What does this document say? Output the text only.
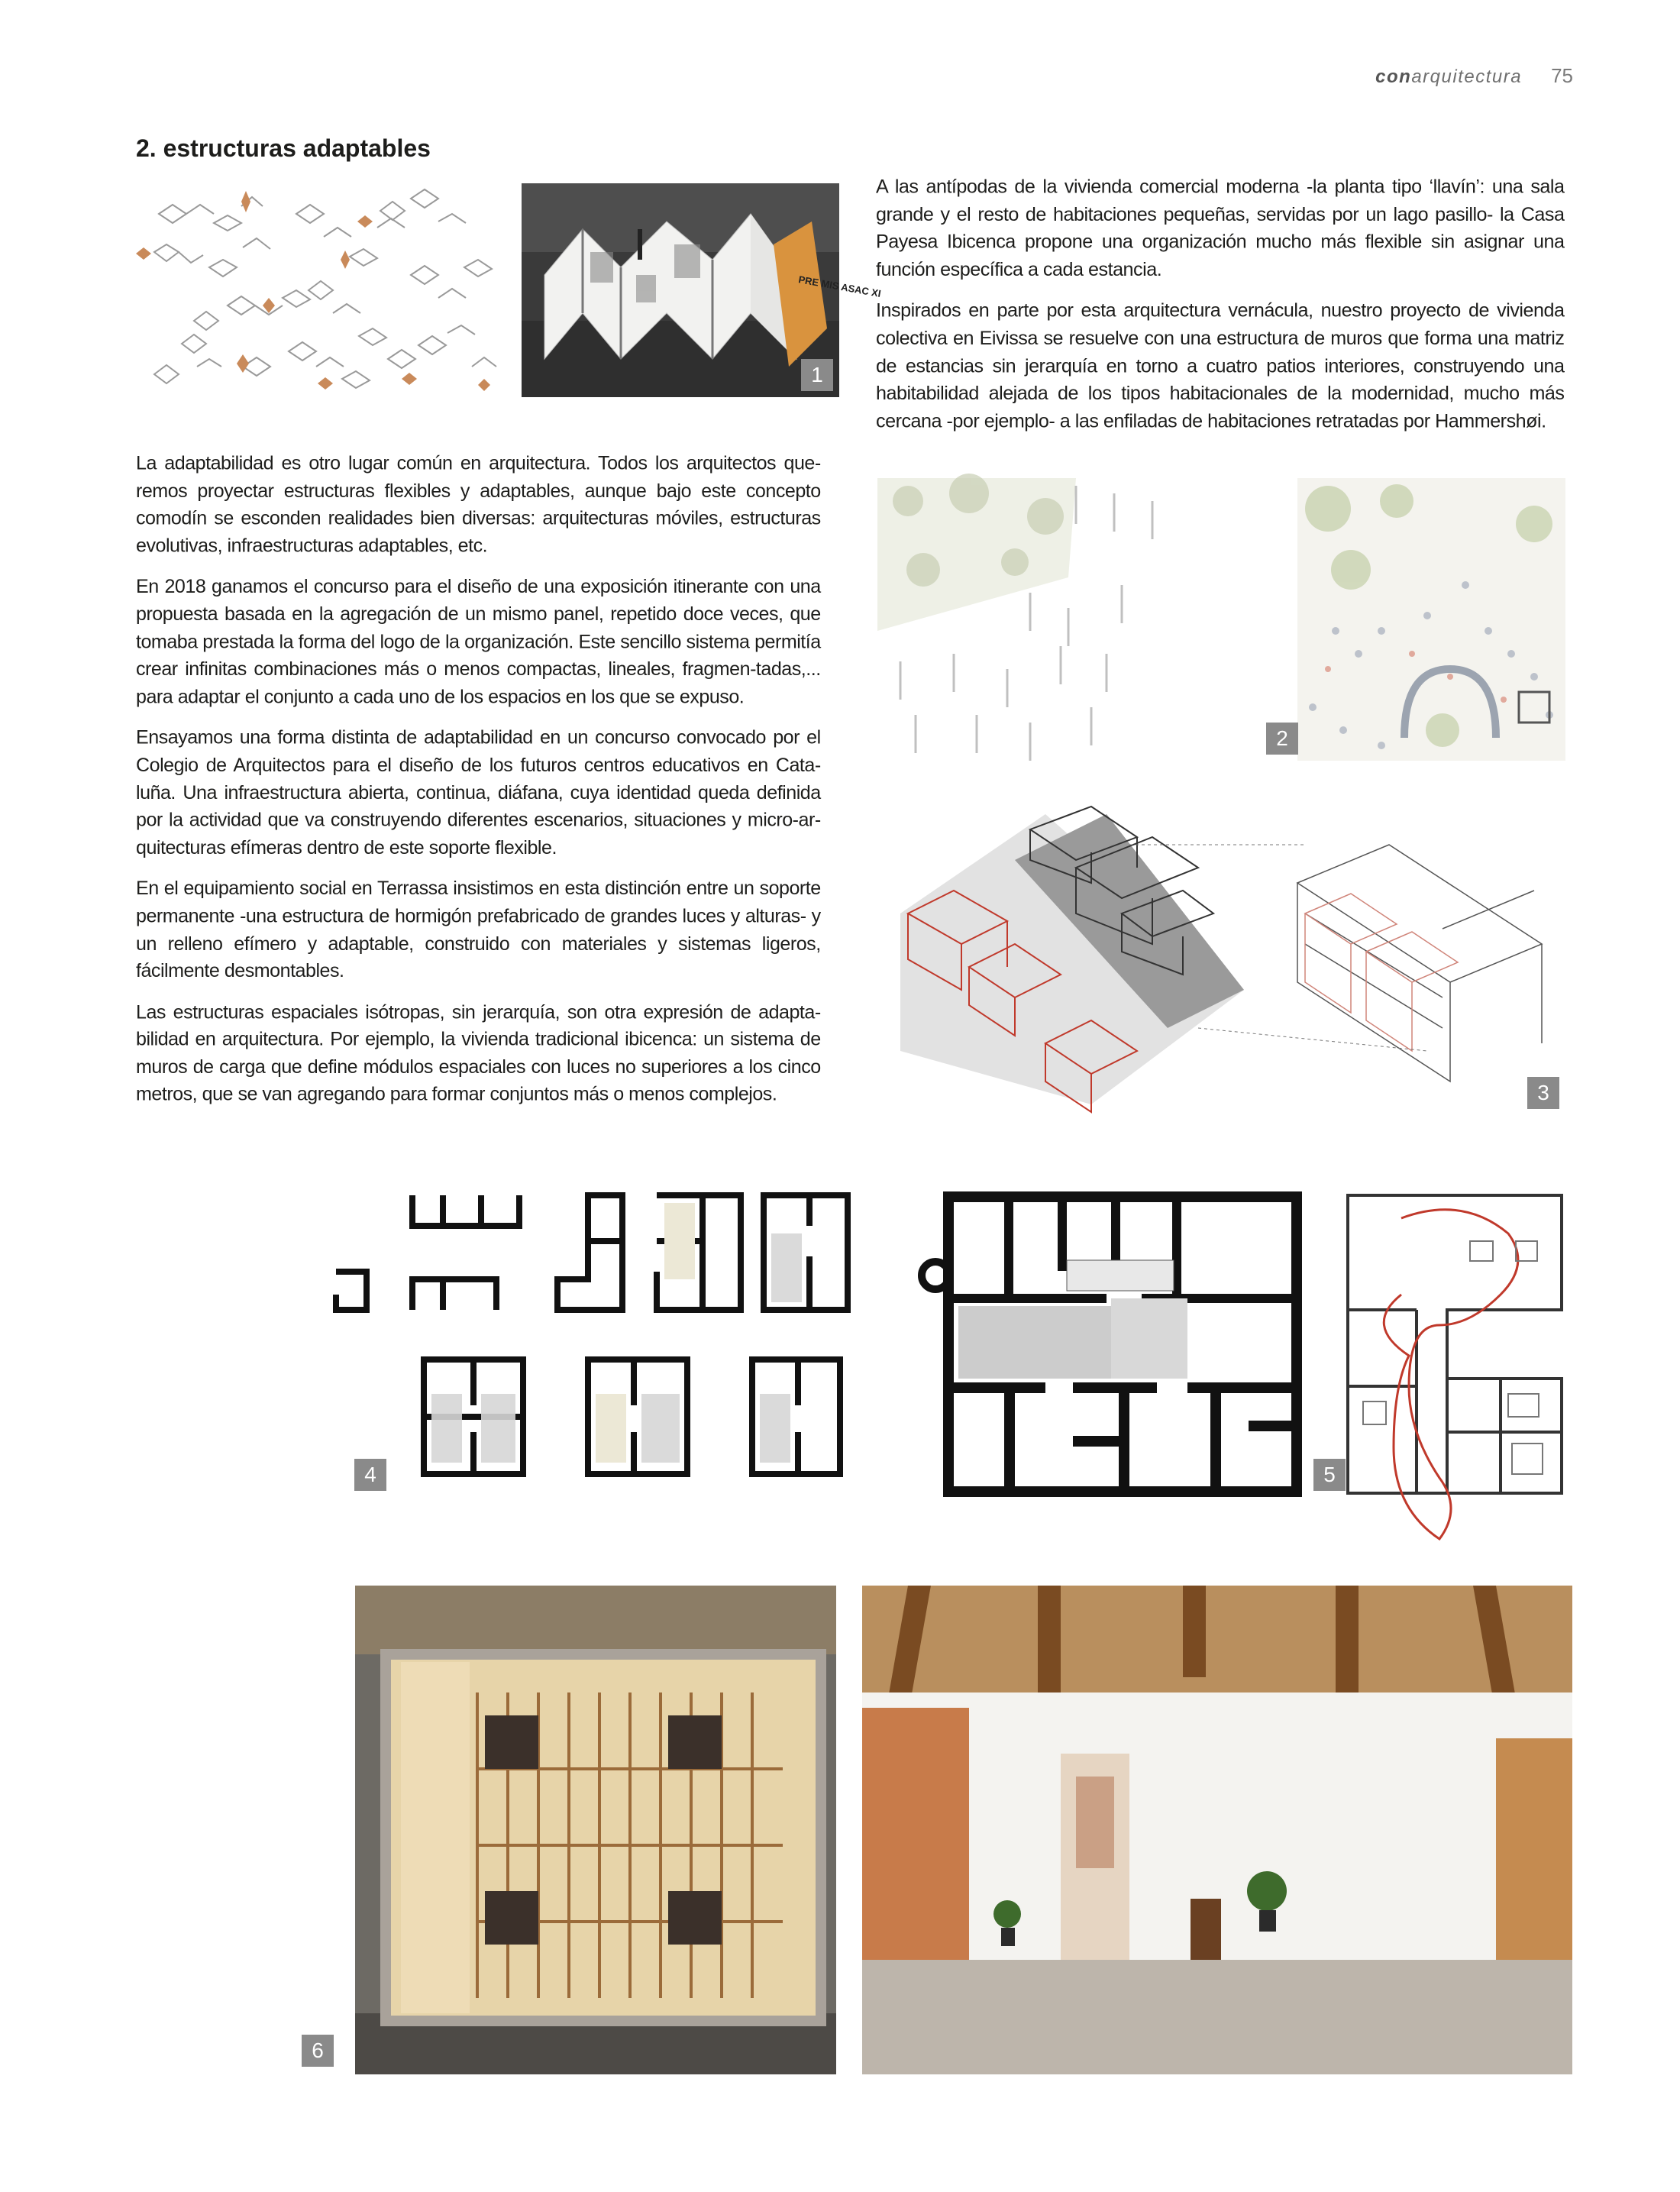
conarquitectura 75
2. estructuras adaptables
PRE MIS ASAC XI
1

A las antípodas de la vivienda comercial moderna -la planta tipo ‘llavín’: una sala grande y el resto de habitaciones pequeñas, servidas por un lago pasillo- la Casa Payesa Ibicenca propone una organización mucho más flexible sin asignar una función específica a cada estancia.

Inspirados en parte por esta arquitectura vernácula, nuestro proyecto de vivienda colectiva en Eivissa se resuelve con una estructura de muros que forma una matriz de estancias sin jerarquía en torno a cuatro patios interiores, construyendo una habitabilidad alejada de los tipos habitacionales de la modernidad, mucho más cercana -por ejemplo- a las enfiladas de habitaciones retratadas por Hammershøi.

La adaptabilidad es otro lugar común en arquitectura. Todos los arquitectos que-remos proyectar estructuras flexibles y adaptables, aunque bajo este concepto comodín se esconden realidades bien diversas: arquitecturas móviles, estructuras evolutivas, infraestructuras adaptables, etc.

En 2018 ganamos el concurso para el diseño de una exposición itinerante con una propuesta basada en la agregación de un mismo panel, repetido doce veces, que tomaba prestada la forma del logo de la organización. Este sencillo sistema permitía crear infinitas combinaciones más o menos compactas, lineales, fragmen-tadas,... para adaptar el conjunto a cada uno de los espacios en los que se expuso.

Ensayamos una forma distinta de adaptabilidad en un concurso convocado por el Colegio de Arquitectos para el diseño de los futuros centros educativos en Cata-luña. Una infraestructura abierta, continua, diáfana, cuya identidad queda definida por la actividad que va construyendo diferentes escenarios, situaciones y micro-ar-quitecturas efímeras dentro de este soporte flexible.

En el equipamiento social en Terrassa insistimos en esta distinción entre un soporte permanente -una estructura de hormigón prefabricado de grandes luces y alturas- y un relleno efímero y adaptable, construido con materiales y sistemas ligeros, fácilmente desmontables.

Las estructuras espaciales isótropas, sin jerarquía, son otra expresión de adapta-bilidad en arquitectura. Por ejemplo, la vivienda tradicional ibicenca: un sistema de muros de carga que define módulos espaciales con luces no superiores a los cinco metros, que se van agregando para formar conjuntos más o menos complejos.

2
3
4	5
6
